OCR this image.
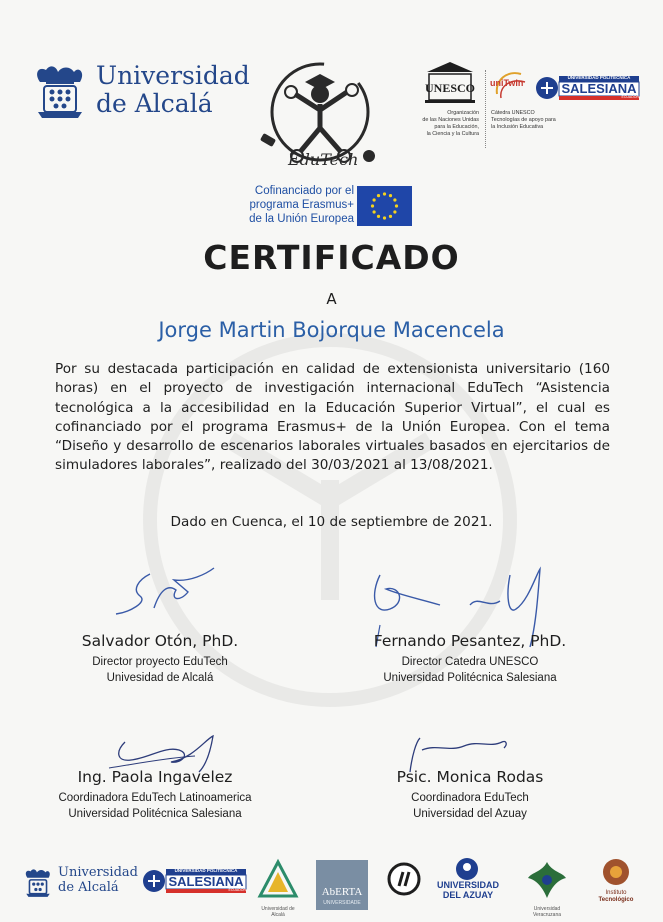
Universidad
de Alcalá
EduTech
Cofinanciado por el
programa Erasmus+
de la Unión Europea
UNESCO
Organización
de las Naciones Unidas
para la Educación,
la Ciencia y la Cultura
uniTwin
Cátedra UNESCO
Tecnologías de apoyo para
la Inclusión Educativa
UNIVERSIDAD POLITÉCNICA
SALESIANA
ECUADOR
CERTIFICADO
A
Jorge Martin Bojorque Macencela
Por su destacada participación en calidad de extensionista universitario (160 horas) en el proyecto de investigación internacional EduTech “Asistencia tecnológica a la accesibilidad en la Educación Superior Virtual”, el cual es cofinanciado por el programa Erasmus+ de la Unión Europea. Con el tema “Diseño y desarrollo de escenarios laborales virtuales basados en ejercitarios de simuladores laborales”, realizado del 30/03/2021 al 13/08/2021.
Dado en Cuenca, el 10 de septiembre de 2021.
Salvador Otón, PhD.
Director proyecto EduTech
Univesidad de Alcalá
Fernando Pesantez, PhD.
Director Catedra UNESCO
Universidad Politécnica Salesiana
Ing. Paola Ingavelez
Coordinadora EduTech Latinoamerica
Universidad Politécnica Salesiana
Psic. Monica Rodas
Coordinadora EduTech
Universidad del Azuay
Universidad
de Alcalá
UNIVERSIDAD POLITÉCNICA
SALESIANA
ECUADOR
Universidad de Alcalá
AbERTA
UNIVERSIDADE
UNIVERSIDAD
DEL AZUAY
Universidad Veracruzana
Instituto
Tecnológico
